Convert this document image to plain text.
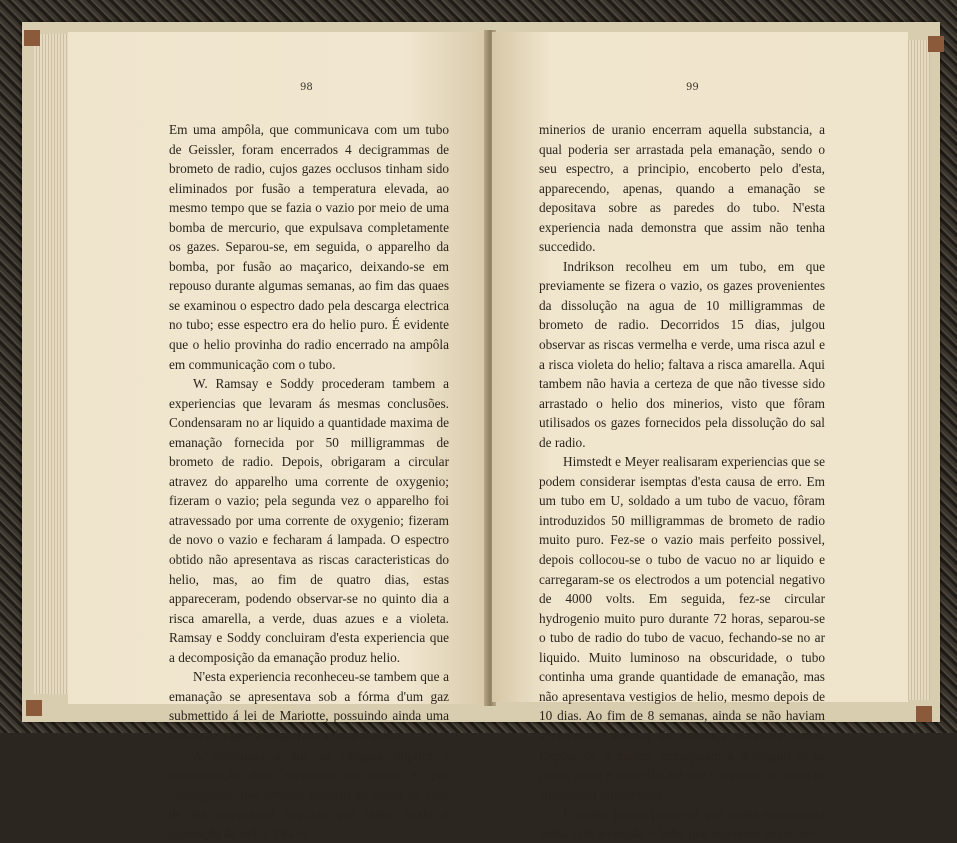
98

Em uma ampôla, que communicava com um tubo de Geissler, foram encerrados 4 decigrammas de brometo de radio, cujos gazes occlusos tinham sido eliminados por fusão a temperatura elevada, ao mesmo tempo que se fazia o vazio por meio de uma bomba de mercurio, que expulsava completamente os gazes. Separou-se, em seguida, o apparelho da bomba, por fusão ao maçarico, deixando-se em repouso durante algumas semanas, ao fim das quaes se examinou o espectro dado pela descarga electrica no tubo; esse espectro era do helio puro. É evidente que o helio provinha do radio encerrado na ampôla em communicação com o tubo.

W. Ramsay e Soddy procederam tambem a experiencias que levaram ás mesmas conclusões. Condensaram no ar liquido a quantidade maxima de emanação fornecida por 50 milligrammas de brometo de radio. Depois, obrigaram a circular atravez do apparelho uma corrente de oxygenio; fizeram o vazio; pela segunda vez o apparelho foi atravessado por uma corrente de oxygenio; fizeram de novo o vazio e fecharam á lampada. O espectro obtido não apresentava as riscas caracteristicas do helio, mas, ao fim de quatro dias, estas appareceram, podendo observar-se no quinto dia a risca amarella, a verde, duas azues e a violeta. Ramsay e Soddy concluiram d'esta experiencia que a decomposição da emanação produz helio.

N'esta experiencia reconheceu-se tambem que a emanação se apresentava sob a fórma d'um gaz submettido á lei de Mariotte, possuindo ainda uma tensão de vapor á temperatura do ar liquido.

A conclusão a que se chegava implica a transmutação d'um elemento em outro, e, por conseguinte, não deveria admittir-se senão no caso de ser impossivel explicar por outro modo a apparição do helio. Ora os

99

minerios de uranio encerram aquella substancia, a qual poderia ser arrastada pela emanação, sendo o seu espectro, a principio, encoberto pelo d'esta, apparecendo, apenas, quando a emanação se depositava sobre as paredes do tubo. N'esta experiencia nada demonstra que assim não tenha succedido.

Indrikson recolheu em um tubo, em que previamente se fizera o vazio, os gazes provenientes da dissolução na agua de 10 milligrammas de brometo de radio. Decorridos 15 dias, julgou observar as riscas vermelha e verde, uma risca azul e a risca violeta do helio; faltava a risca amarella. Aqui tambem não havia a certeza de que não tivesse sido arrastado o helio dos minerios, visto que fôram utilisados os gazes fornecidos pela dissolução do sal de radio.

Himstedt e Meyer realisaram experiencias que se podem considerar isemptas d'esta causa de erro. Em um tubo em U, soldado a um tubo de vacuo, fôram introduzidos 50 milligrammas de brometo de radio muito puro. Fez-se o vazio mais perfeito possivel, depois collocou-se o tubo de vacuo no ar liquido e carregaram-se os electrodos a um potencial negativo de 4000 volts. Em seguida, fez-se circular hydrogenio muito puro durante 72 horas, separou-se o tubo de radio do tubo de vacuo, fechando-se no ar liquido. Muito luminoso na obscuridade, o tubo continha uma grande quantidade de emanação, mas não apresentava vestigios de helio, mesmo depois de 10 dias. Ao fim de 8 semanas, ainda se não haviam apresentado signaes da presença d'aquelle corpo. Depois de 4 mezes, começaram a distinguir-se as riscas verde e amarella; até que o espectro do helio se apresentou nitidamente.

É muito pouco provavel que n'esta experiencia tenha sido arrastado o helio que houvesse nos mine-
